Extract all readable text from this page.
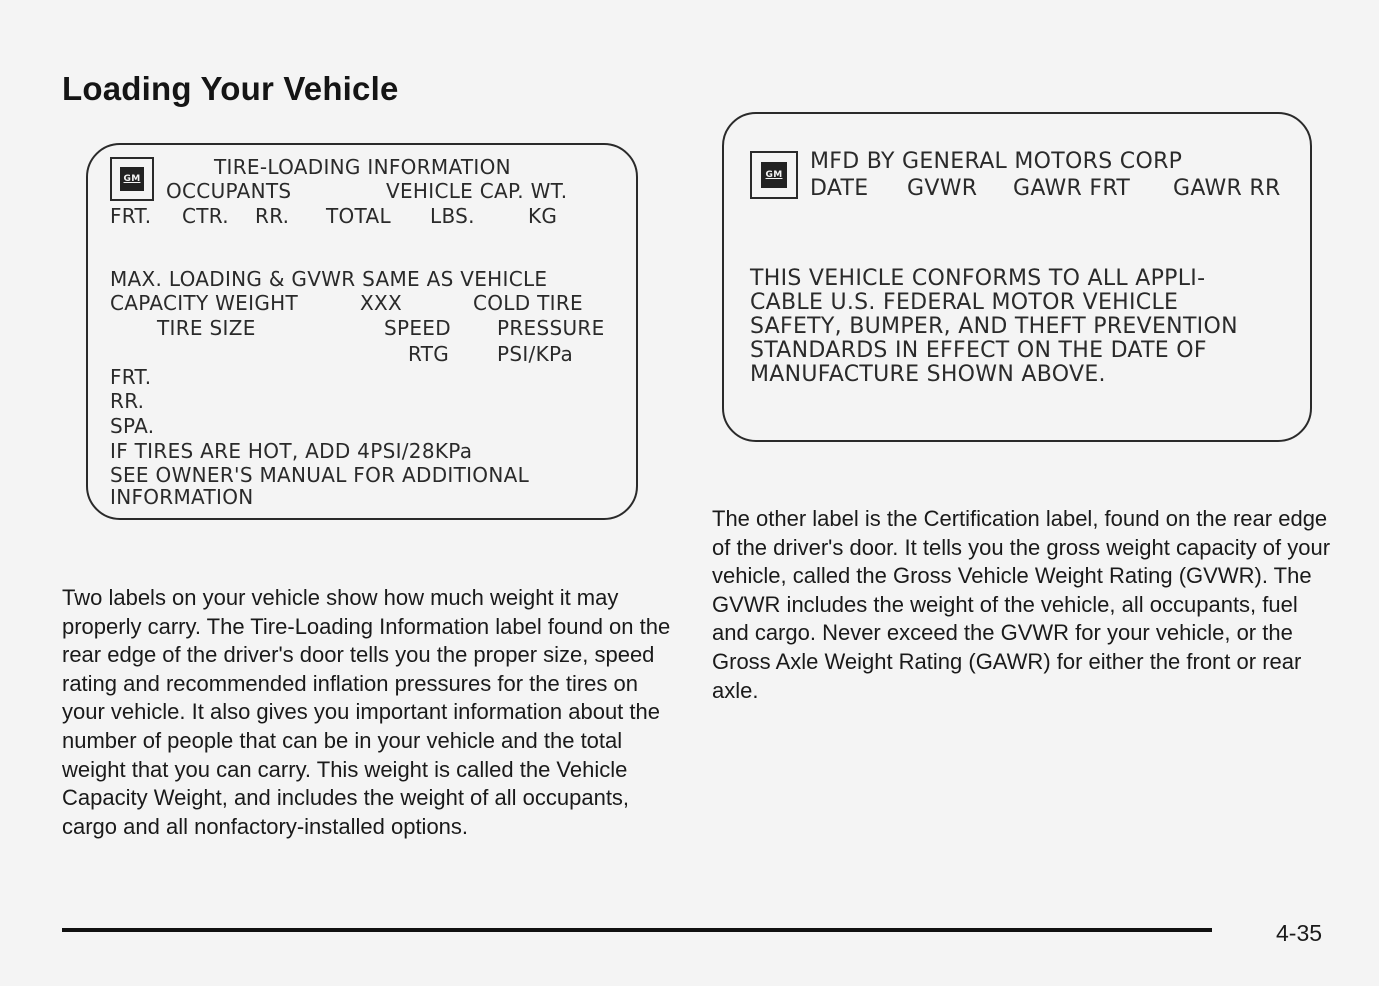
Loading Your Vehicle
GM	TIRE-LOADING INFORMATION
OCCUPANTS	VEHICLE CAP. WT.
FRT. CTR. RR. TOTAL LBS.	KG
MAX. LOADING & GVWR SAME AS VEHICLE
CAPACITY WEIGHT	XXX	COLD TIRE
TIRE SIZE	SPEED PRESSURE
RTG PSI/KPa
FRT.
RR.
SPA.
IF TIRES ARE HOT, ADD 4PSI/28KPa
SEE OWNER'S MANUAL FOR ADDITIONAL
INFORMATION
GM
MFD BY GENERAL MOTORS CORP
DATE GVWR GAWR FRT GAWR RR
THIS VEHICLE CONFORMS TO ALL APPLI-
CABLE U.S. FEDERAL MOTOR VEHICLE
SAFETY, BUMPER, AND THEFT PREVENTION
STANDARDS IN EFFECT ON THE DATE OF
MANUFACTURE SHOWN ABOVE.

Two labels on your vehicle show how much weight it may properly carry. The Tire-Loading Information label found on the rear edge of the driver's door tells you the proper size, speed rating and recommended inflation pressures for the tires on your vehicle. It also gives you important information about the number of people that can be in your vehicle and the total weight that you can carry. This weight is called the Vehicle Capacity Weight, and includes the weight of all occupants, cargo and all nonfactory-installed options.

The other label is the Certification label, found on the rear edge of the driver's door. It tells you the gross weight capacity of your vehicle, called the Gross Vehicle Weight Rating (GVWR). The GVWR includes the weight of the vehicle, all occupants, fuel and cargo. Never exceed the GVWR for your vehicle, or the Gross Axle Weight Rating (GAWR) for either the front or rear axle.

4-35
